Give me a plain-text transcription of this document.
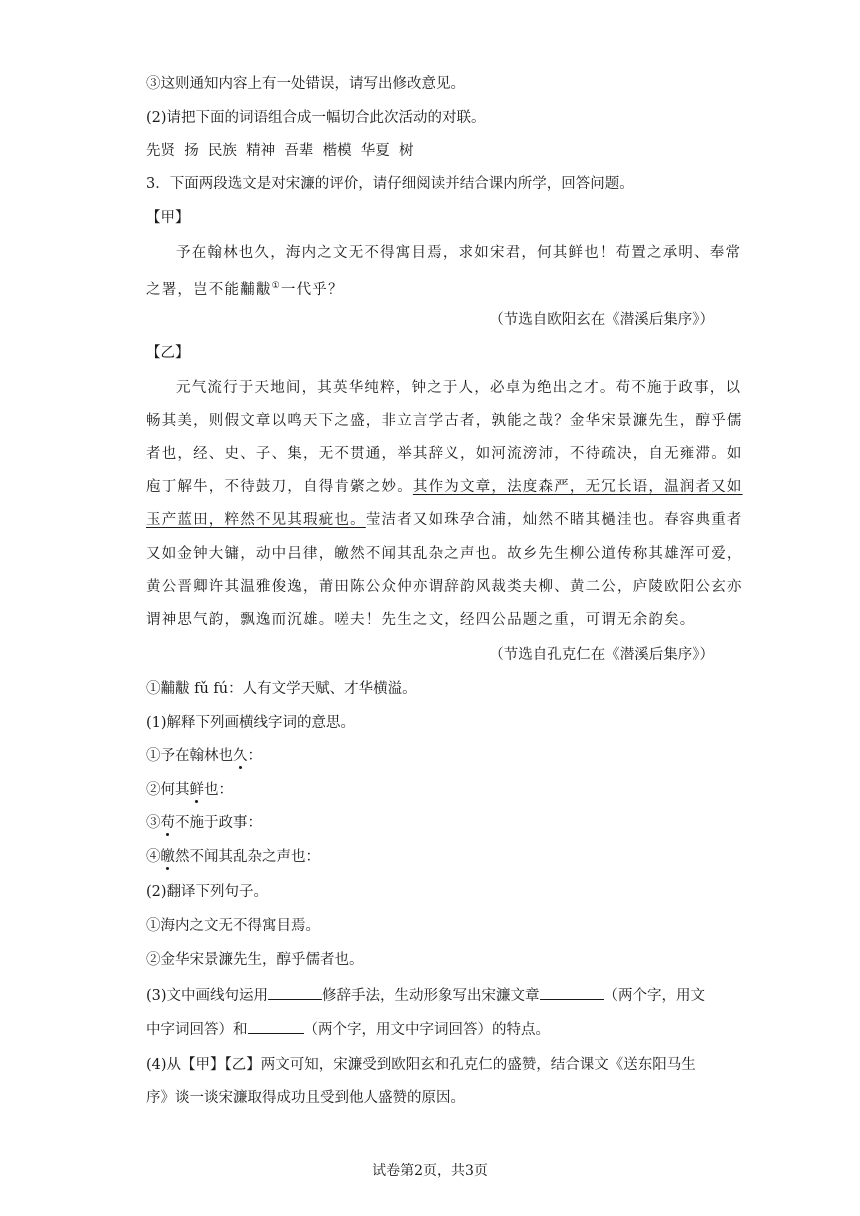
③这则通知内容上有一处错误，请写出修改意见。
(2)请把下面的词语组合成一幅切合此次活动的对联。
先贤  扬  民族  精神  吾辈  楷模  华夏  树
3．下面两段选文是对宋濂的评价，请仔细阅读并结合课内所学，回答问题。
【甲】
予在翰林也久，海内之文无不得寓目焉，求如宋君，何其鲜也！苟置之承明、奉常
之署，岂不能黼黻①一代乎？
（节选自欧阳玄在《潜溪后集序》）
【乙】
元气流行于天地间，其英华纯粹，钟之于人，必卓为绝出之才。苟不施于政事，以
畅其美，则假文章以鸣天下之盛，非立言学古者，孰能之哉？金华宋景濂先生，醇乎儒
者也，经、史、子、集，无不贯通，举其辞义，如河流滂沛，不待疏决，自无雍滞。如
庖丁解牛，不待鼓刀，自得肯綮之妙。其作为文章，法度森严，无冗长语，温润者又如
玉产蓝田，粹然不见其瑕疵也。莹洁者又如珠孕合浦，灿然不睹其檛洼也。春容典重者
又如金钟大镛，动中吕律，皦然不闻其乱杂之声也。故乡先生柳公道传称其雄浑可爱，
黄公晋卿许其温雅俊逸，莆田陈公众仲亦谓辞韵风裁类夫柳、黄二公，庐陵欧阳公玄亦
谓神思气韵，飘逸而沉雄。嗟夫！先生之文，经四公品题之重，可谓无余韵矣。
（节选自孔克仁在《潜溪后集序》）
①黼黻 fǔ fú：人有文学天赋、才华横溢。
(1)解释下列画横线字词的意思。
①予在翰林也久：
②何其鲜也：
③苟不施于政事：
④皦然不闻其乱杂之声也：
(2)翻译下列句子。
①海内之文无不得寓目焉。
②金华宋景濂先生，醇乎儒者也。
(3)文中画线句运用	修辞手法，生动形象写出宋濂文章	（两个字，用文
中字词回答）和	（两个字，用文中字词回答）的特点。
(4)从【甲】【乙】两文可知，宋濂受到欧阳玄和孔克仁的盛赞，结合课文《送东阳马生
序》谈一谈宋濂取得成功且受到他人盛赞的原因。
试卷第2页，共3页
